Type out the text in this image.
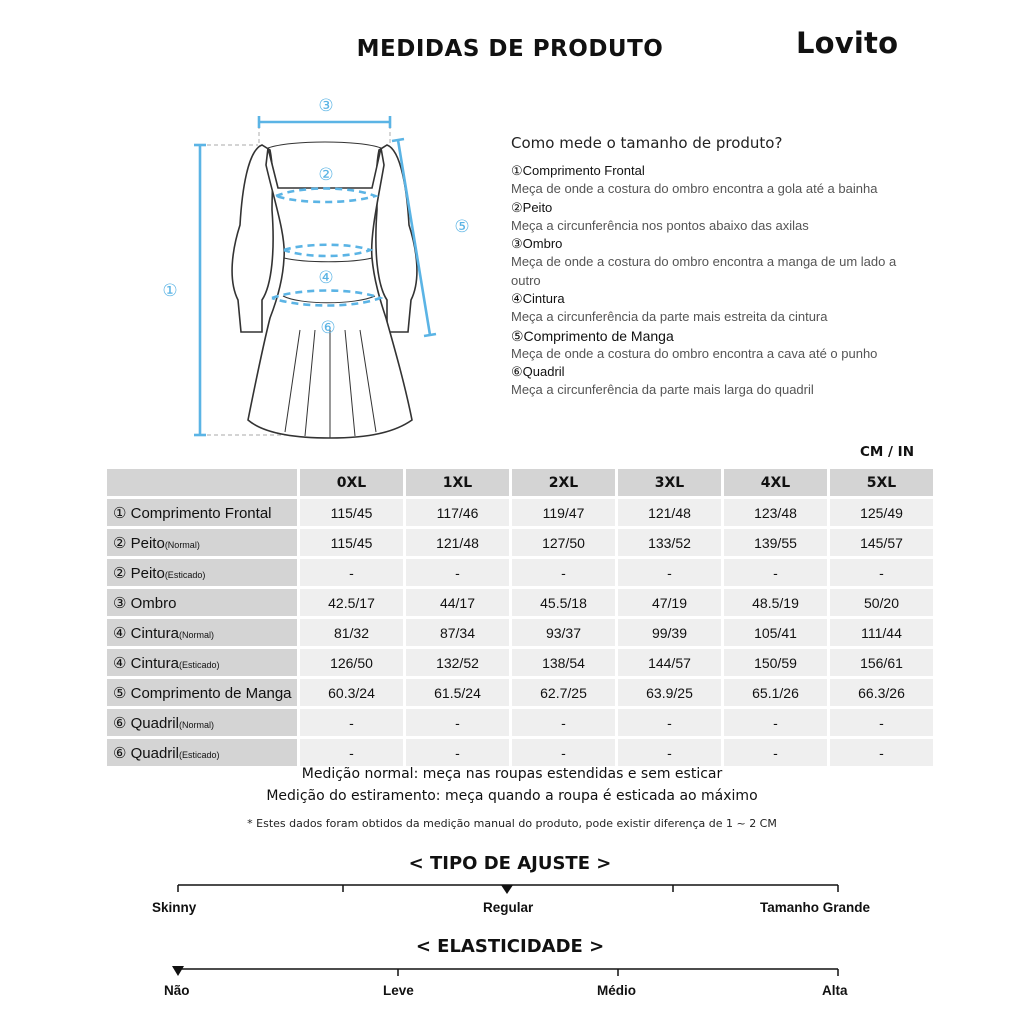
MEDIDAS DE PRODUTO	Lovito
①
②
③
④
⑤
⑥
Como mede o tamanho de produto?
①Comprimento Frontal
Meça de onde a costura do ombro encontra a gola até a bainha
②Peito
Meça a circunferência nos pontos abaixo das axilas
③Ombro
Meça de onde a costura do ombro encontra a manga de um lado a outro
④Cintura
Meça a circunferência da parte mais estreita da cintura
⑤Comprimento de Manga
Meça de onde a costura do ombro encontra a cava até o punho
⑥Quadril
Meça a circunferência da parte mais larga do quadril
CM / IN
	0XL	1XL	2XL	3XL	4XL	5XL
① Comprimento Frontal	115/45	117/46	119/47	121/48	123/48	125/49
② Peito(Normal)	115/45	121/48	127/50	133/52	139/55	145/57
② Peito(Esticado)	-	-	-	-	-	-
③ Ombro	42.5/17	44/17	45.5/18	47/19	48.5/19	50/20
④ Cintura(Normal)	81/32	87/34	93/37	99/39	105/41	111/44
④ Cintura(Esticado)	126/50	132/52	138/54	144/57	150/59	156/61
⑤ Comprimento de Manga	60.3/24	61.5/24	62.7/25	63.9/25	65.1/26	66.3/26
⑥ Quadril(Normal)	-	-	-	-	-	-
⑥ Quadril(Esticado)	-	-	-	-	-	-
Medição normal: meça nas roupas estendidas e sem esticar
Medição do estiramento: meça quando a roupa é esticada ao máximo
* Estes dados foram obtidos da medição manual do produto, pode existir diferença de 1 ~ 2 CM
< TIPO DE AJUSTE >
Skinny	Regular	Tamanho Grande
< ELASTICIDADE >
Não	Leve	Médio	Alta
